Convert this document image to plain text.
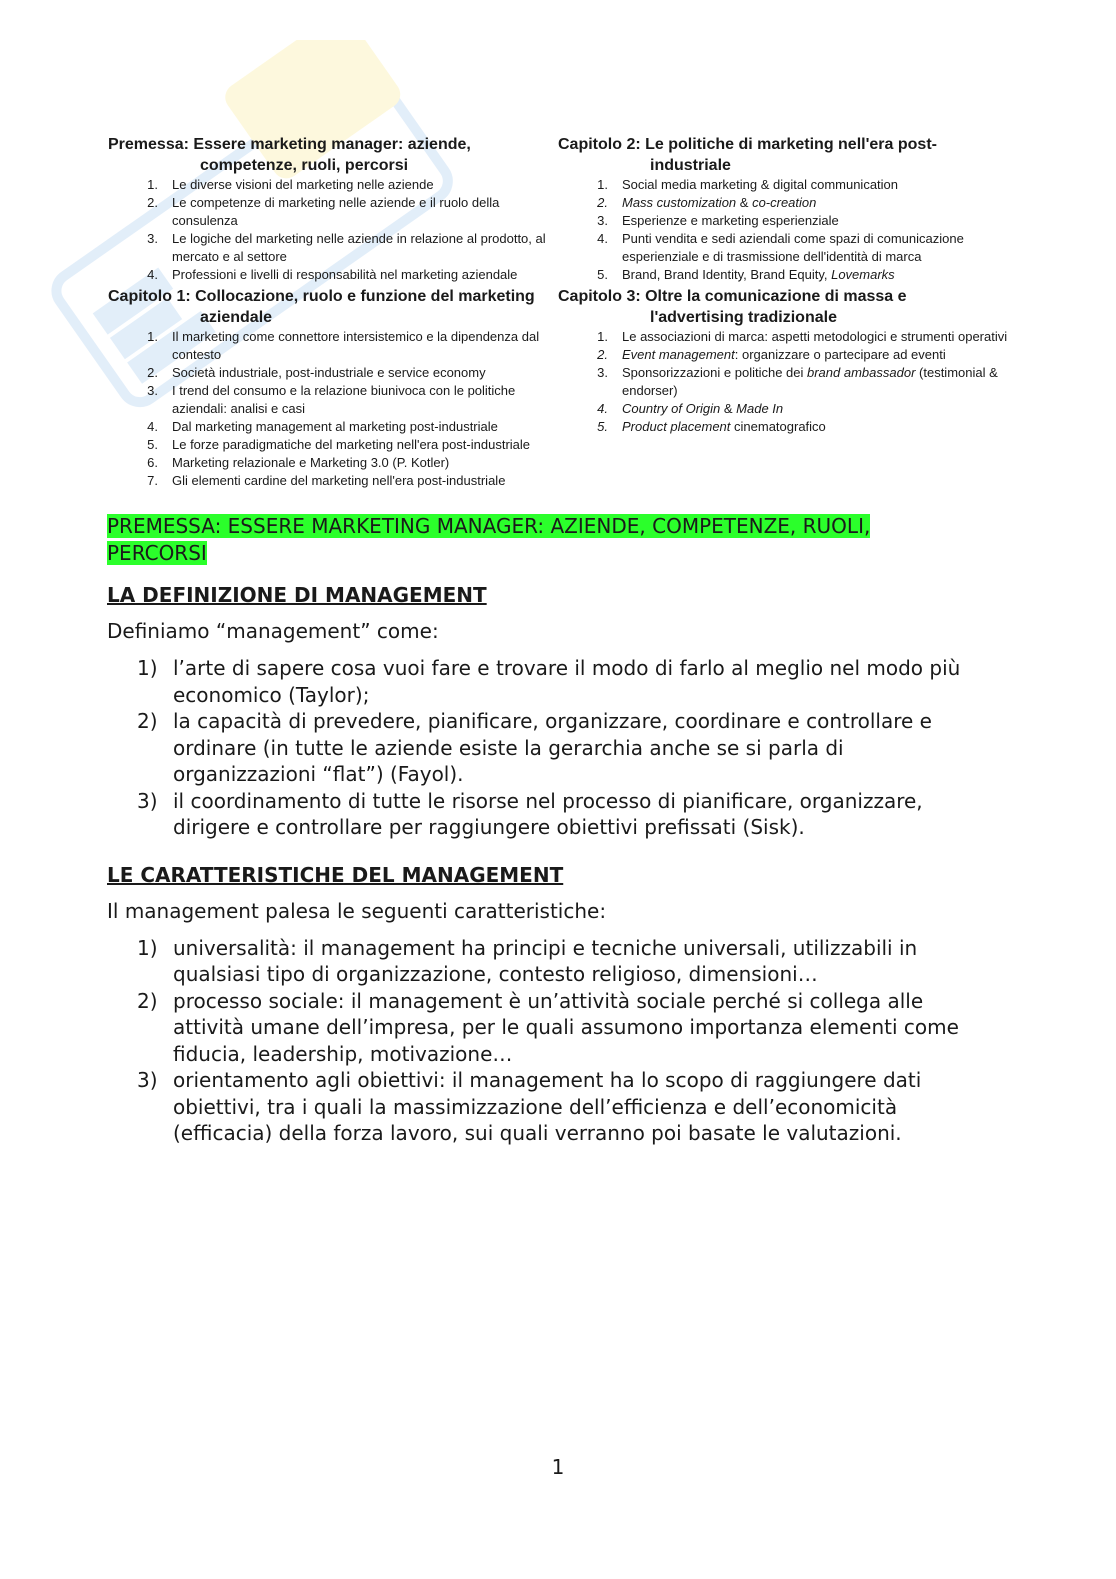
Premessa: Essere marketing manager: aziende,
competenze, ruoli, percorsi
1.	Le diverse visioni del marketing nelle aziende
2.	Le competenze di marketing nelle aziende e il ruolo della consulenza
3.	Le logiche del marketing nelle aziende in relazione al prodotto, al mercato e al settore
4.	Professioni e livelli di responsabilità nel marketing aziendale
Capitolo 1: Collocazione, ruolo e funzione del marketing
aziendale
1.	Il marketing come connettore intersistemico e la dipendenza dal contesto
2.	Società industriale, post-industriale e service economy
3.	I trend del consumo e la relazione biunivoca con le politiche aziendali: analisi e casi
4.	Dal marketing management al marketing post-industriale
5.	Le forze paradigmatiche del marketing nell'era post-industriale
6.	Marketing relazionale e Marketing 3.0 (P. Kotler)
7.	Gli elementi cardine del marketing nell'era post-industriale
Capitolo 2: Le politiche di marketing nell'era post-
industriale
1.	Social media marketing & digital communication
2.	Mass customization & co-creation
3.	Esperienze e marketing esperienziale
4.	Punti vendita e sedi aziendali come spazi di comunicazione esperienziale e di trasmissione dell'identità di marca
5.	Brand, Brand Identity, Brand Equity, Lovemarks
Capitolo 3: Oltre la comunicazione di massa e
l'advertising tradizionale
1.	Le associazioni di marca: aspetti metodologici e strumenti operativi
2.	Event management: organizzare o partecipare ad eventi
3.	Sponsorizzazioni e politiche dei brand ambassador (testimonial & endorser)
4.	Country of Origin & Made In
5.	Product placement cinematografico
PREMESSA: ESSERE MARKETING MANAGER: AZIENDE, COMPETENZE, RUOLI, PERCORSI
LA DEFINIZIONE DI MANAGEMENT
Definiamo “management” come:
1) l’arte di sapere cosa vuoi fare e trovare il modo di farlo al meglio nel modo più economico (Taylor);
2) la capacità di prevedere, pianificare, organizzare, coordinare e controllare e ordinare (in tutte le aziende esiste la gerarchia anche se si parla di organizzazioni “flat”) (Fayol).
3) il coordinamento di tutte le risorse nel processo di pianificare, organizzare, dirigere e controllare per raggiungere obiettivi prefissati (Sisk).
LE CARATTERISTICHE DEL MANAGEMENT
Il management palesa le seguenti caratteristiche:
1) universalità: il management ha principi e tecniche universali, utilizzabili in qualsiasi tipo di organizzazione, contesto religioso, dimensioni…
2) processo sociale: il management è un’attività sociale perché si collega alle attività umane dell’impresa, per le quali assumono importanza elementi come fiducia, leadership, motivazione…
3) orientamento agli obiettivi: il management ha lo scopo di raggiungere dati obiettivi, tra i quali la massimizzazione dell’efficienza e dell’economicità (efficacia) della forza lavoro, sui quali verranno poi basate le valutazioni.
1
